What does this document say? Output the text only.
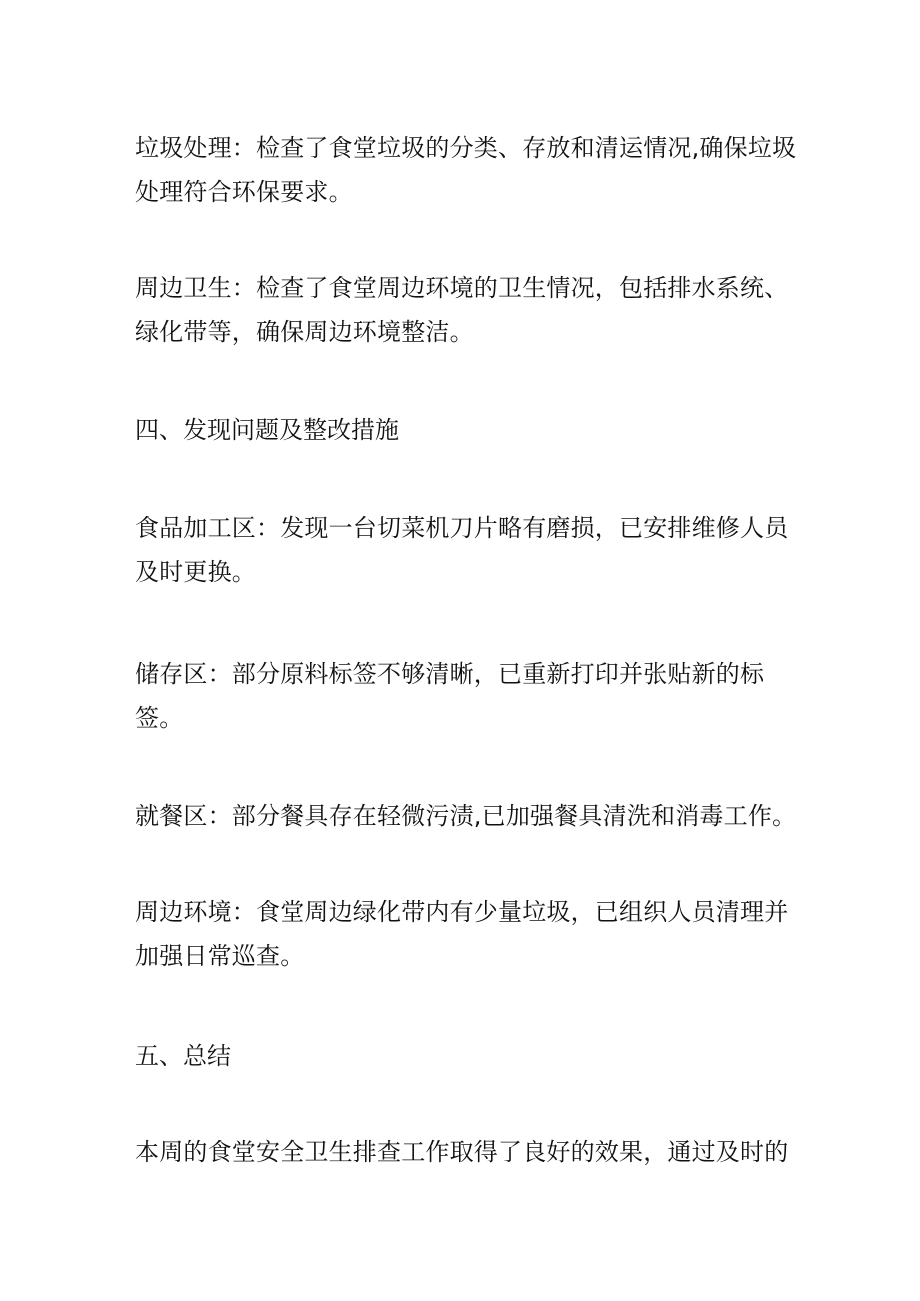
垃圾处理：检查了食堂垃圾的分类、存放和清运情况,确保垃圾
处理符合环保要求。

周边卫生：检查了食堂周边环境的卫生情况，包括排水系统、
绿化带等，确保周边环境整洁。

四、发现问题及整改措施

食品加工区：发现一台切菜机刀片略有磨损，已安排维修人员
及时更换。

储存区：部分原料标签不够清晰，已重新打印并张贴新的标
签。

就餐区：部分餐具存在轻微污渍,已加强餐具清洗和消毒工作。

周边环境：食堂周边绿化带内有少量垃圾，已组织人员清理并
加强日常巡查。

五、总结

本周的食堂安全卫生排查工作取得了良好的效果，通过及时的
